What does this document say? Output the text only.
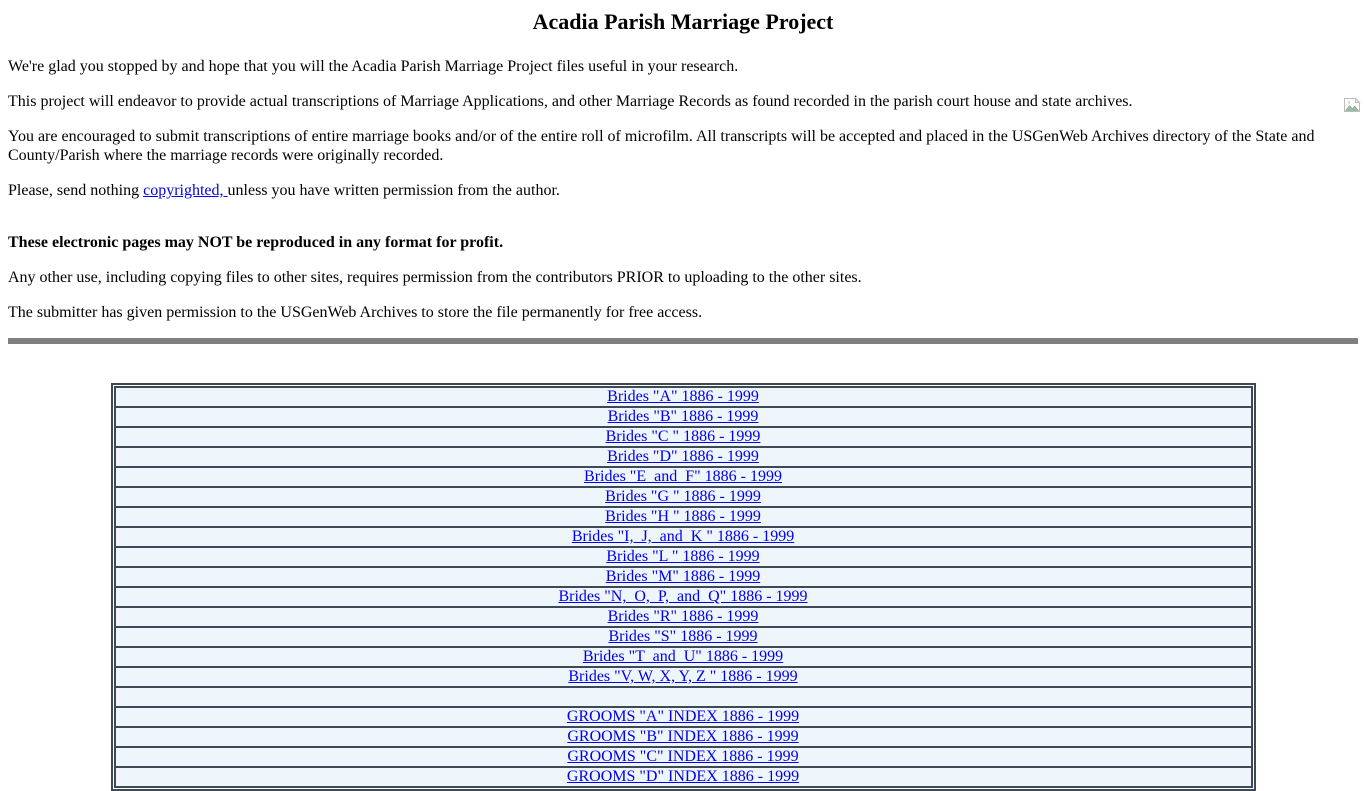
Acadia Parish Marriage Project

We're glad you stopped by and hope that you will the Acadia Parish Marriage Project files useful in your research.

This project will endeavor to provide actual transcriptions of Marriage Applications, and other Marriage Records as found recorded in the parish court house and state archives.

You are encouraged to submit transcriptions of entire marriage books and/or of the entire roll of microfilm. All transcripts will be accepted and placed in the USGenWeb Archives directory of the State and County/Parish where the marriage records were originally recorded.

Please, send nothing copyrighted, unless you have written permission from the author.

These electronic pages may NOT be reproduced in any format for profit.

Any other use, including copying files to other sites, requires permission from the contributors PRIOR to uploading to the other sites.

The submitter has given permission to the USGenWeb Archives to store the file permanently for free access.

Brides "A" 1886 - 1999
Brides "B" 1886 - 1999
Brides "C " 1886 - 1999
Brides "D" 1886 - 1999
Brides "E  and  F" 1886 - 1999
Brides "G " 1886 - 1999
Brides "H " 1886 - 1999
Brides "I,  J,  and  K " 1886 - 1999
Brides "L " 1886 - 1999
Brides "M" 1886 - 1999
Brides "N,  O,  P,  and  Q" 1886 - 1999
Brides "R" 1886 - 1999
Brides "S" 1886 - 1999
Brides "T  and  U" 1886 - 1999
Brides "V, W, X, Y, Z " 1886 - 1999

GROOMS "A" INDEX 1886 - 1999
GROOMS "B" INDEX 1886 - 1999
GROOMS "C" INDEX 1886 - 1999
GROOMS "D" INDEX 1886 - 1999
